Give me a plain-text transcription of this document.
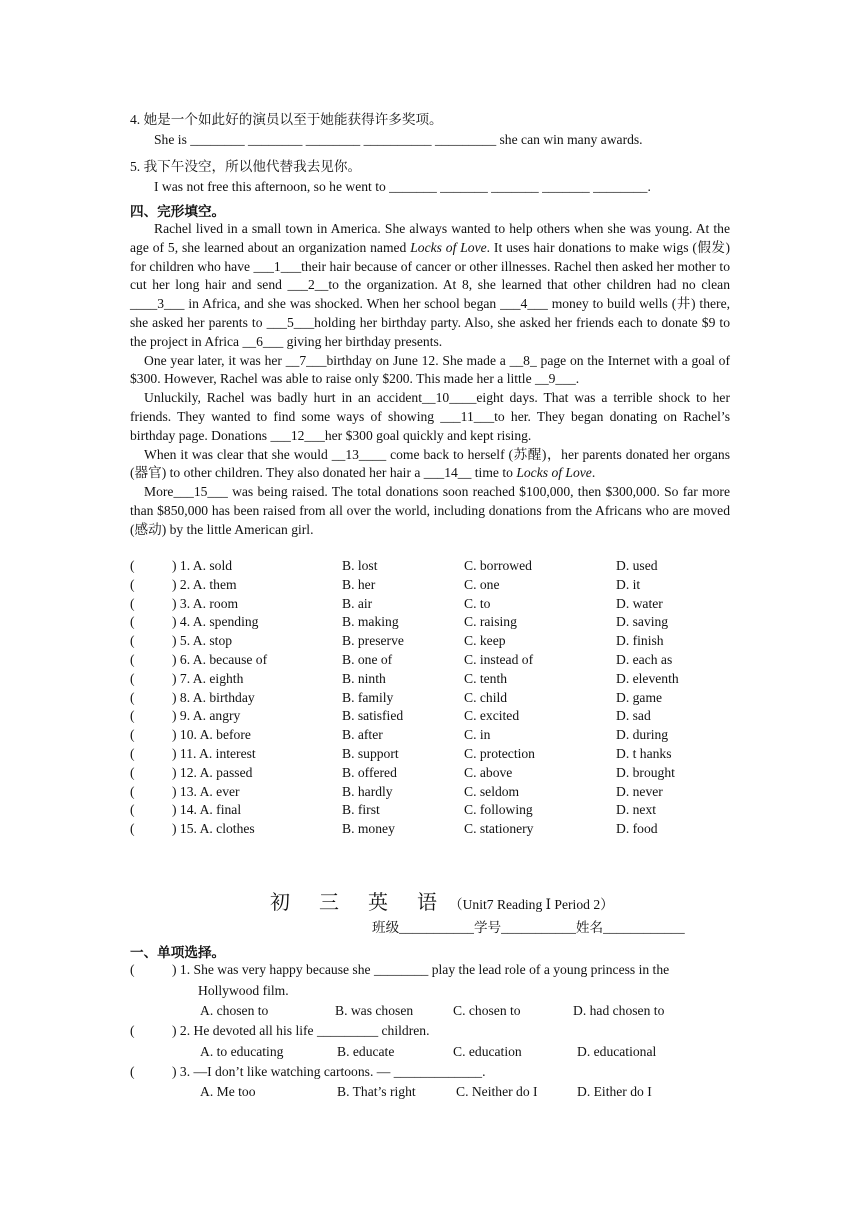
4. 她是一个如此好的演员以至于她能获得许多奖项。
She is ________ ________ ________ __________ _________ she can win many awards.
5. 我下午没空，所以他代替我去见你。
I was not free this afternoon, so he went to _______ _______ _______ _______ ________.
四、完形填空。

Rachel lived in a small town in America. She always wanted to help others when she was young. At the age of 5, she learned about an organization named Locks of Love. It uses hair donations to make wigs (假发) for children who have ___1___their hair because of cancer or other illnesses. Rachel then asked her mother to cut her long hair and send ___2__to the organization. At 8, she learned that other children had no clean ____3___ in Africa, and she was shocked. When her school began ___4___ money to build wells (井) there, she asked her parents to ___5___holding her birthday party. Also, she asked her friends each to donate $9 to the project in Africa __6___ giving her birthday presents.

One year later, it was her __7___birthday on June 12. She made a __8_ page on the Internet with a goal of $300. However, Rachel was able to raise only $200. This made her a little __9___.

Unluckily, Rachel was badly hurt in an accident__10____eight days. That was a terrible shock to her friends. They wanted to find some ways of showing ___11___to her. They began donating on Rachel’s birthday page. Donations ___12___her $300 goal quickly and kept rising.

When it was clear that she would __13____ come back to herself (苏醒)，her parents donated her organs (器官) to other children. They also donated her hair a ___14__ time to Locks of Love.

More___15___ was being raised. The total donations soon reached $100,000, then $300,000. So far more than $850,000 has been raised from all over the world, including donations from the Africans who are moved (感动) by the little American girl.

(	) 1. A. sold	B. lost	C. borrowed	D. used
(	) 2. A. them	B. her	C. one	D. it
(	) 3. A. room	B. air	C. to	D. water
(	) 4. A. spending	B. making	C. raising	D. saving
(	) 5. A. stop	B. preserve	C. keep	D. finish
(	) 6. A. because of	B. one of	C. instead of	D. each as
(	) 7. A. eighth	B. ninth	C. tenth	D. eleventh
(	) 8. A. birthday	B. family	C. child	D. game
(	) 9. A. angry	B. satisfied	C. excited	D. sad
(	) 10. A. before	B. after	C. in	D. during
(	) 11. A. interest	B. support	C. protection	D. t hanks
(	) 12. A. passed	B. offered	C. above	D. brought
(	) 13. A. ever	B. hardly	C. seldom	D. never
(	) 14. A. final	B. first	C. following	D. next
(	) 15. A. clothes	B. money	C. stationery	D. food
初 三 英 语（Unit7 Reading Ⅰ Period 2）
班级___________学号___________姓名____________
一、单项选择。
(	) 1. She was very happy because she ________ play the lead role of a young princess in the
Hollywood film.
A. chosen to	B. was chosen	C. chosen to	D. had chosen to
(	) 2. He devoted all his life _________ children.
A. to educating	B. educate	C. education	D. educational
(	) 3. —I don’t like watching cartoons. — _____________.
A. Me too	B. That’s right	C. Neither do I	D. Either do I
